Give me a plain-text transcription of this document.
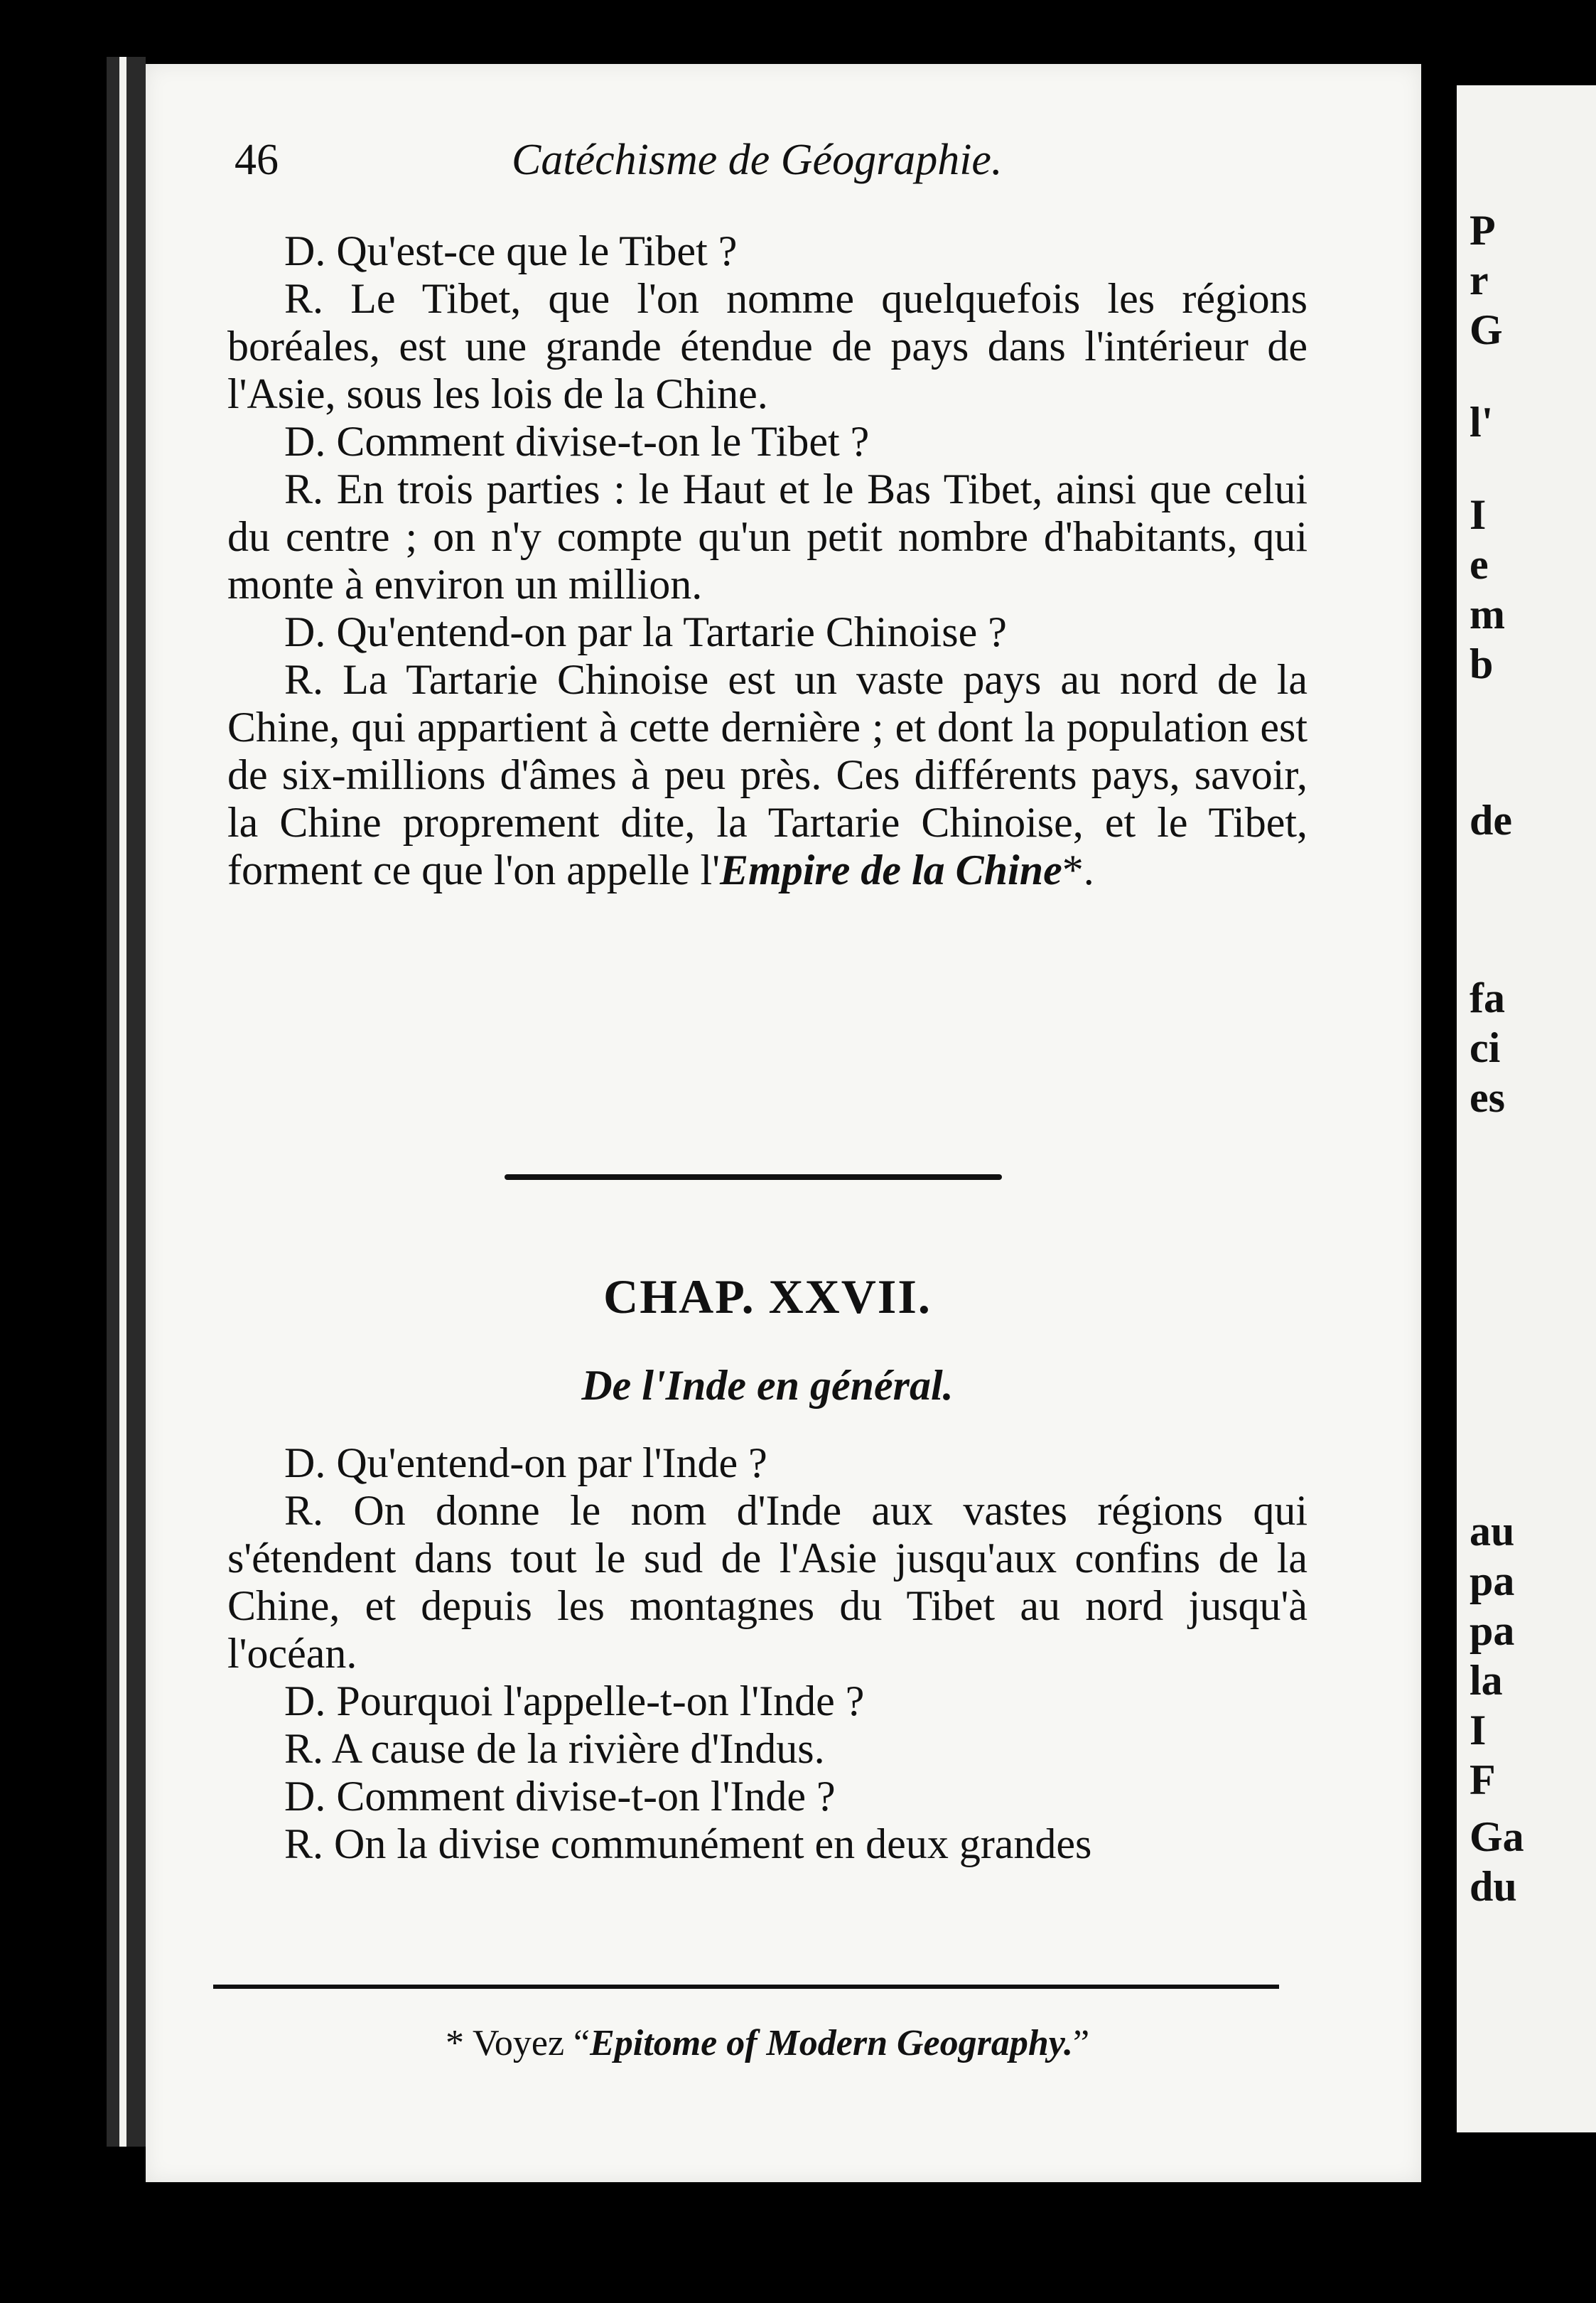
46	Catéchisme de Géographie.

D. Qu'est-ce que le Tibet ?

R. Le Tibet, que l'on nomme quelquefois les régions boréales, est une grande étendue de pays dans l'intérieur de l'Asie, sous les lois de la Chine.

D. Comment divise-t-on le Tibet ?

R. En trois parties : le Haut et le Bas Tibet, ainsi que celui du centre ; on n'y compte qu'un petit nombre d'habitants, qui monte à environ un million.

D. Qu'entend-on par la Tartarie Chinoise ?

R. La Tartarie Chinoise est un vaste pays au nord de la Chine, qui appartient à cette dernière ; et dont la population est de six-millions d'âmes à peu près. Ces différents pays, savoir, la Chine proprement dite, la Tartarie Chinoise, et le Tibet, forment ce que l'on appelle l'Empire de la Chine*.

CHAP. XXVII.
De l'Inde en général.

D. Qu'entend-on par l'Inde ?

R. On donne le nom d'Inde aux vastes régions qui s'étendent dans tout le sud de l'Asie jusqu'aux confins de la Chine, et depuis les montagnes du Tibet au nord jusqu'à l'océan.

D. Pourquoi l'appelle-t-on l'Inde ?

R. A cause de la rivière d'Indus.

D. Comment divise-t-on l'Inde ?

R. On la divise communément en deux grandes

* Voyez “Epitome of Modern Geography.”
P
r
G
l'
I
e
m
b
de
fa
ci
es
au
pa
pa
la
I
F
Ga
du
